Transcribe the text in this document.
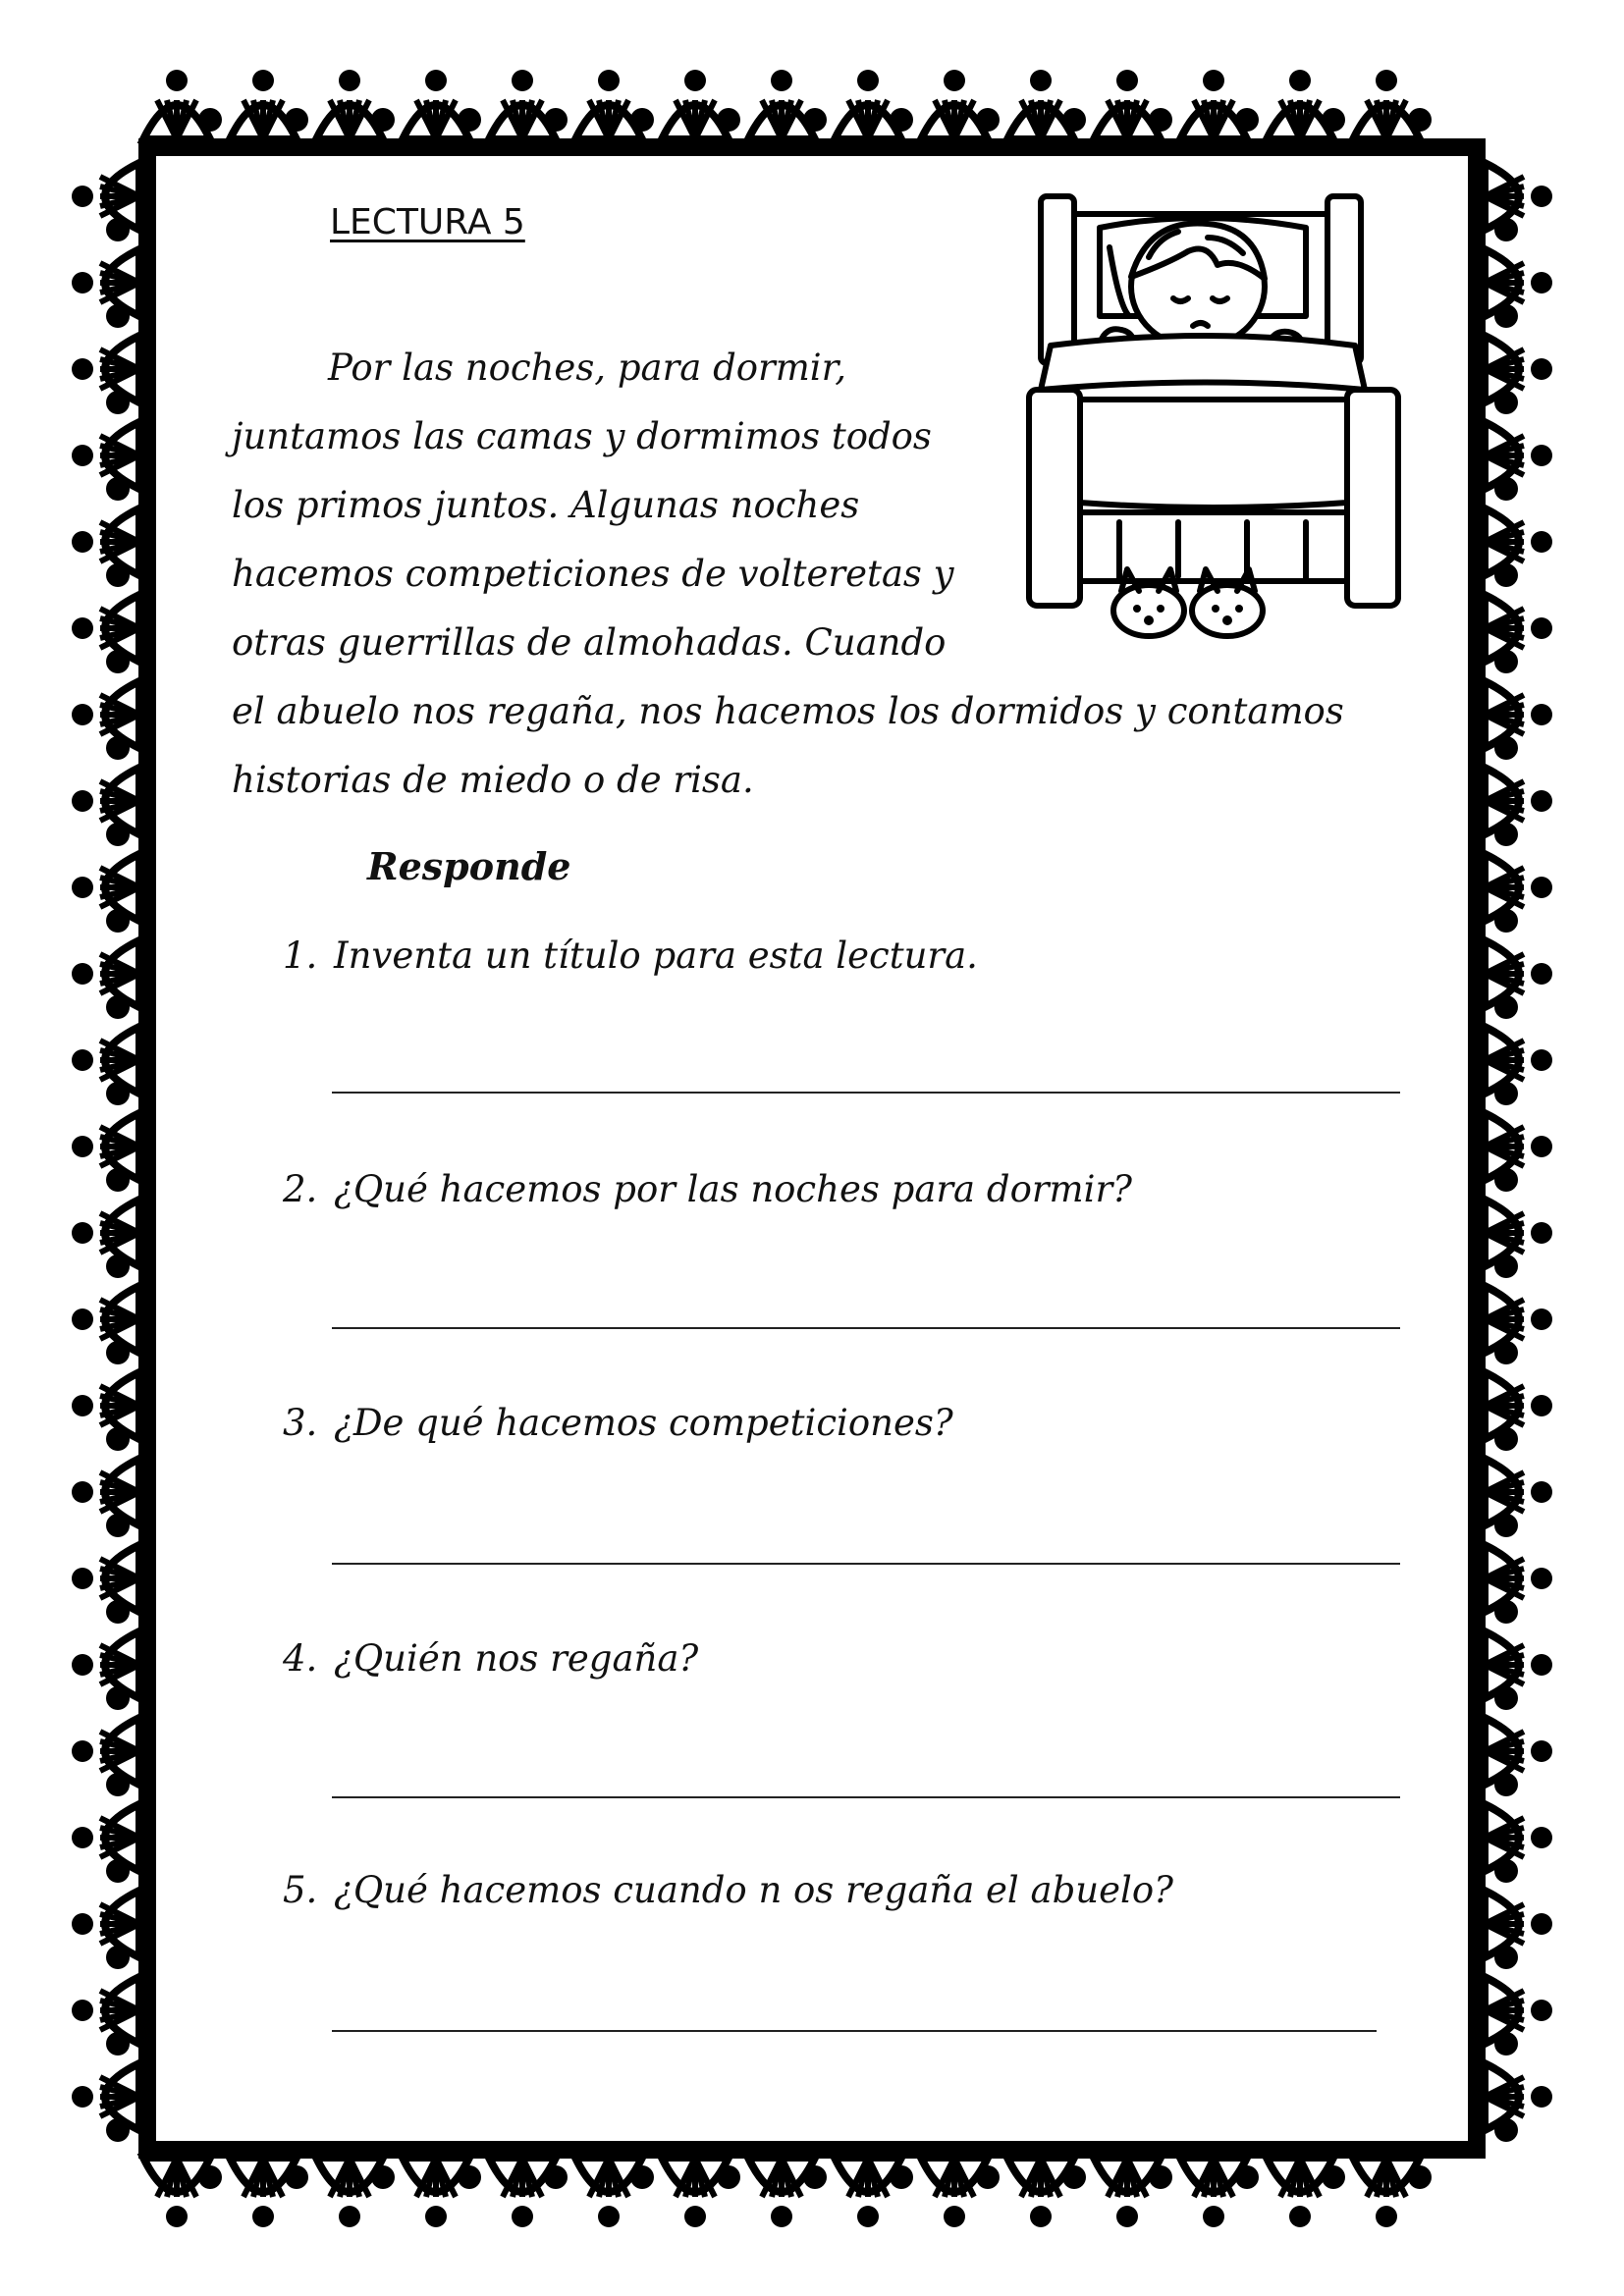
LECTURA 5
Por las noches, para dormir,
juntamos las camas y dormimos todos
los primos juntos. Algunas noches
hacemos competiciones de volteretas y
otras guerrillas de almohadas. Cuando
el abuelo nos regaña, nos hacemos los dormidos y contamos
historias de miedo o de risa.
Responde
1. Inventa un título para esta lectura.
2. ¿Qué hacemos por las noches para dormir?
3. ¿De qué hacemos competiciones?
4. ¿Quién nos regaña?
5. ¿Qué hacemos cuando n os regaña el abuelo?
